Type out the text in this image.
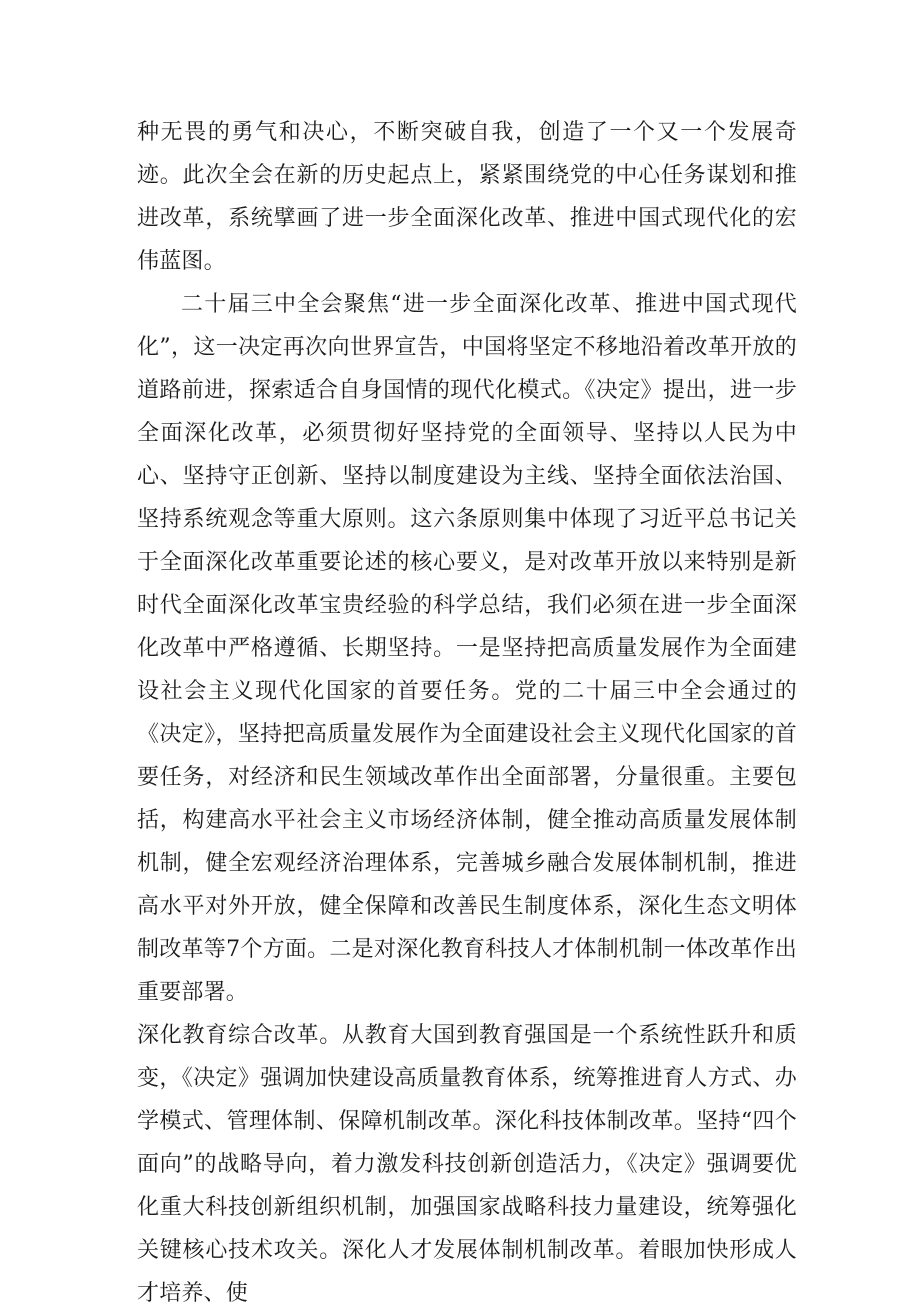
种无畏的勇气和决心，不断突破自我，创造了一个又一个发展奇迹。此次全会在新的历史起点上，紧紧围绕党的中心任务谋划和推进改革，系统擘画了进一步全面深化改革、推进中国式现代化的宏伟蓝图。

二十届三中全会聚焦“进一步全面深化改革、推进中国式现代化”，这一决定再次向世界宣告，中国将坚定不移地沿着改革开放的道路前进，探索适合自身国情的现代化模式。《决定》提出，进一步全面深化改革，必须贯彻好坚持党的全面领导、坚持以人民为中心、坚持守正创新、坚持以制度建设为主线、坚持全面依法治国、坚持系统观念等重大原则。这六条原则集中体现了习近平总书记关于全面深化改革重要论述的核心要义，是对改革开放以来特别是新时代全面深化改革宝贵经验的科学总结，我们必须在进一步全面深化改革中严格遵循、长期坚持。一是坚持把高质量发展作为全面建设社会主义现代化国家的首要任务。党的二十届三中全会通过的《决定》，坚持把高质量发展作为全面建设社会主义现代化国家的首要任务，对经济和民生领域改革作出全面部署，分量很重。主要包括，构建高水平社会主义市场经济体制，健全推动高质量发展体制机制，健全宏观经济治理体系，完善城乡融合发展体制机制，推进高水平对外开放，健全保障和改善民生制度体系，深化生态文明体制改革等7个方面。二是对深化教育科技人才体制机制一体改革作出重要部署。

深化教育综合改革。从教育大国到教育强国是一个系统性跃升和质变，《决定》强调加快建设高质量教育体系，统筹推进育人方式、办学模式、管理体制、保障机制改革。深化科技体制改革。坚持“四个面向”的战略导向，着力激发科技创新创造活力，《决定》强调要优化重大科技创新组织机制，加强国家战略科技力量建设，统筹强化关键核心技术攻关。深化人才发展体制机制改革。着眼加快形成人才培养、使
